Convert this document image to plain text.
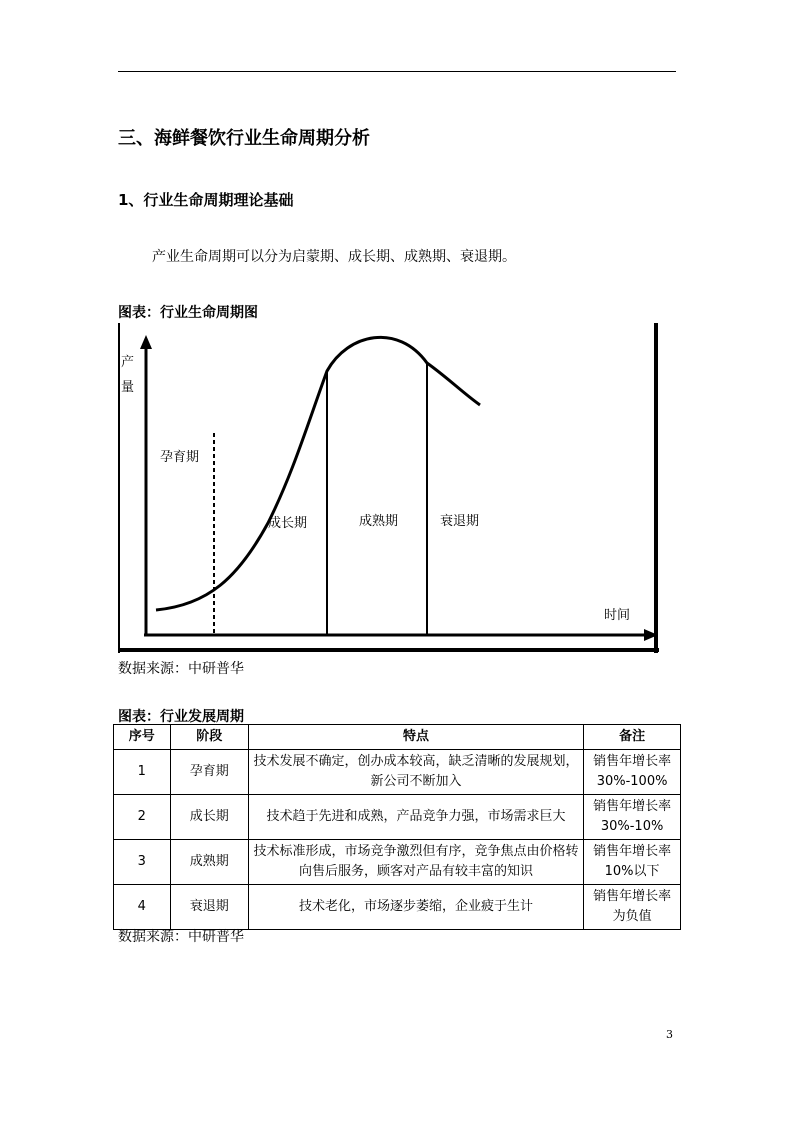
三、海鲜餐饮行业生命周期分析
1、行业生命周期理论基础
产业生命周期可以分为启蒙期、成长期、成熟期、衰退期。
图表：行业生命周期图
产
量
时间
孕育期
成长期	成熟期	衰退期
数据来源：中研普华
图表：行业发展周期
序号	阶段	特点	备注
1	孕育期	技术发展不确定，创办成本较高，缺乏清晰的发展规划，新公司不断加入	销售年增长率30%-100%
2	成长期	技术趋于先进和成熟，产品竞争力强，市场需求巨大	销售年增长率30%-10%
3	成熟期	技术标准形成，市场竞争激烈但有序，竞争焦点由价格转向售后服务，顾客对产品有较丰富的知识	销售年增长率10%以下
4	衰退期	技术老化，市场逐步萎缩，企业疲于生计	销售年增长率为负值
数据来源：中研普华
3
